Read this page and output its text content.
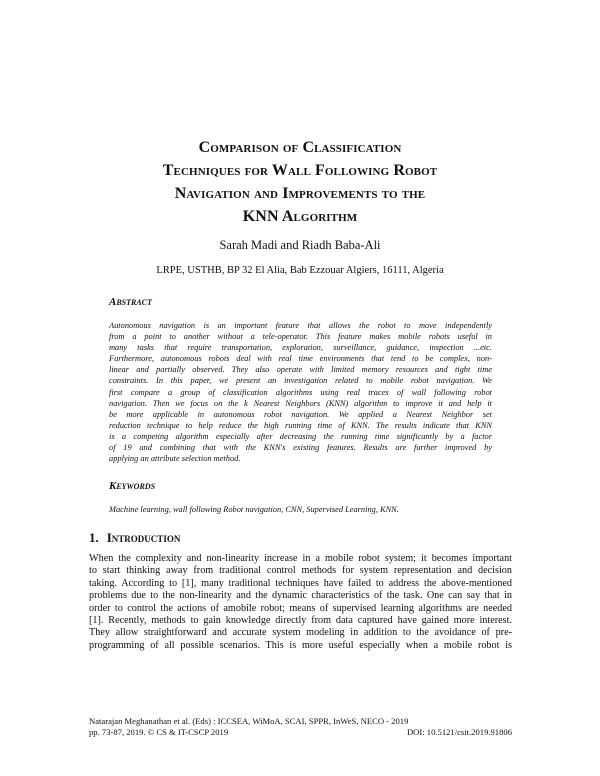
Comparison of Classification
Techniques for Wall Following Robot
Navigation and Improvements to the
KNN Algorithm
Sarah Madi and Riadh Baba-Ali
LRPE, USTHB, BP 32 El Alia, Bab Ezzouar Algiers, 16111, Algeria
Abstract
Autonomous navigation is an important feature that allows the robot to move independently
from a point to another without a tele-operator. This feature makes mobile robots useful in
many tasks that require transportation, exploration, surveillance, guidance, inspection ...etc.
Furthermore, autonomous robots deal with real time environments that tend to be complex, non-
linear and partially observed. They also operate with limited memory resources and tight time
constraints. In this paper, we present an investigation related to mobile robot navigation. We
first compare a group of classification algorithms using real traces of wall following robot
navigation. Then we focus on the k Nearest Neighbors (KNN) algorithm to improve it and help it
be more applicable in autonomous robot navigation. We applied a Nearest Neighbor set
reduction technique to help reduce the high running time of KNN. The results indicate that KNN
is a competing algorithm especially after decreasing the running time significantly by a factor
of 19 and combining that with the KNN's existing features. Results are further improved by
applying an attribute selection method.
Keywords
Machine learning, wall following Robot navigation, CNN, Supervised Learning, KNN.
1. Introduction
When the complexity and non-linearity increase in a mobile robot system; it becomes important
to start thinking away from traditional control methods for system representation and decision
taking. According to [1], many traditional techniques have failed to address the above-mentioned
problems due to the non-linearity and the dynamic characteristics of the task. One can say that in
order to control the actions of amobile robot; means of supervised learning algorithms are needed
[1]. Recently, methods to gain knowledge directly from data captured have gained more interest.
They allow straightforward and accurate system modeling in addition to the avoidance of pre-
programming of all possible scenarios. This is more useful especially when a mobile robot is
Natarajan Meghanathan et al. (Eds) : ICCSEA, WiMoA, SCAI, SPPR, InWeS, NECO - 2019
pp. 73-87, 2019. © CS & IT-CSCP 2019	DOI: 10.5121/csit.2019.91806
